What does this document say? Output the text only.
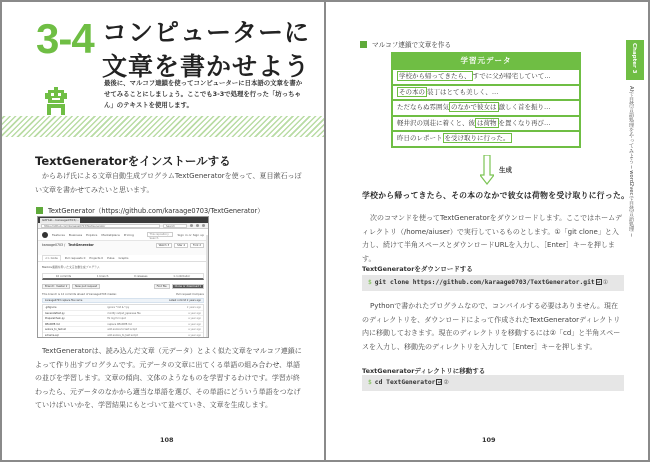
3-4 コンピューターに
文章を書かせよう
最後に、マルコフ連鎖を使ってコンピューターに日本語の文章を書かせてみることにしましょう。ここでも3-3で処理を行った「坊っちゃん」のテキストを使用します。
TextGeneratorをインストールする
からあげ氏による文章自動生成プログラムTextGeneratorを使って、夏目漱石っぽい文章を書かせてみたいと思います。
TextGenerator（https://github.com/karaage0703/TextGenerator）
GitHub - karaage0703/...
https://github.com/karaage0703/TextGenerator	Search
Features Business Explore Marketplace Pricing	This repository Search
Sign in or Sign up
karaage0703 / TextGenerator	Watch 3	Star 4	Fork 2
<> Code	Pull requests 0 Projects 0 Pulse Graphs
Markov連鎖を用いた文章自動生成プログラム
10 commits	1 branch	0 releases	1 contributor
Branch: master ▾	New pull request	Find file	Clone or download ▾
This branch is 12 commits ahead of karaage0703:master.	Pull request Compare
karaage0703 replace file name	Latest commit 2 years ago
.gitignore	ignore *.txt & *.py	2 years ago
GenerateText.py	modify output_japanese file	a year ago
PrepareChain.py	fix log for input	a year ago
README.md	replace README.md	a year ago
aozora_to_text.sh	add aozora to text script	a year ago
schema.sql	add aozora_to_text script	a year ago
TextGeneratorは、読み込んだ文章（元データ）とよく似た文章をマルコフ連鎖によって作り出すプログラムです。元データの文章に出てくる単語の組み合わせ、単語の並びを学習します。文章の傾向、文体のようなものを学習するわけです。学習が終わったら、元データのなかから適当な単語を選び、その単語にどういう単語をつなげていけばいいかを、学習結果にもとづいて並べていき、文章を生成します。
108
マルコフ連鎖で文章を作る
学習元データ
学校から帰ってきたら、 すでに父が帰宅していて…
その本の 装丁はとても美しく、…
ただならぬ雰囲気 のなかで彼女は 激しく首を振り…
軽井沢の別荘に着くと、彼 は荷物 を置くなり再び…
昨日のレポート を受け取りに行った。
生成
学校から帰ってきたら、その本のなかで彼女は荷物を受け取りに行った。
次のコマンドを使ってTextGeneratorをダウンロードします。ここではホームディレクトリ（/home/aiuser）で実行しているものとします。①「git clone」と入力し、続けて半角スペースとダウンロードURLを入力し、［Enter］キーを押します。
TextGeneratorをダウンロードする
$ git clone https://github.com/karaage0703/TextGenerator.git ↵ ①
Pythonで書かれたプログラムなので、コンパイルする必要はありません。現在のディレクトリを、ダウンロードによって作成されたTextGeneratorディレクトリ内に移動しておきます。現在のディレクトリを移動するには②「cd」と半角スペースを入力し、移動先のディレクトリを入力して［Enter］キーを押します。
TextGeneratorディレクトリに移動する
$ cd TextGenerator ↵ ②
109
Chapter 3
AIで自然言語処理をやってみよう ─ word2vecで自然言語処理 ─
